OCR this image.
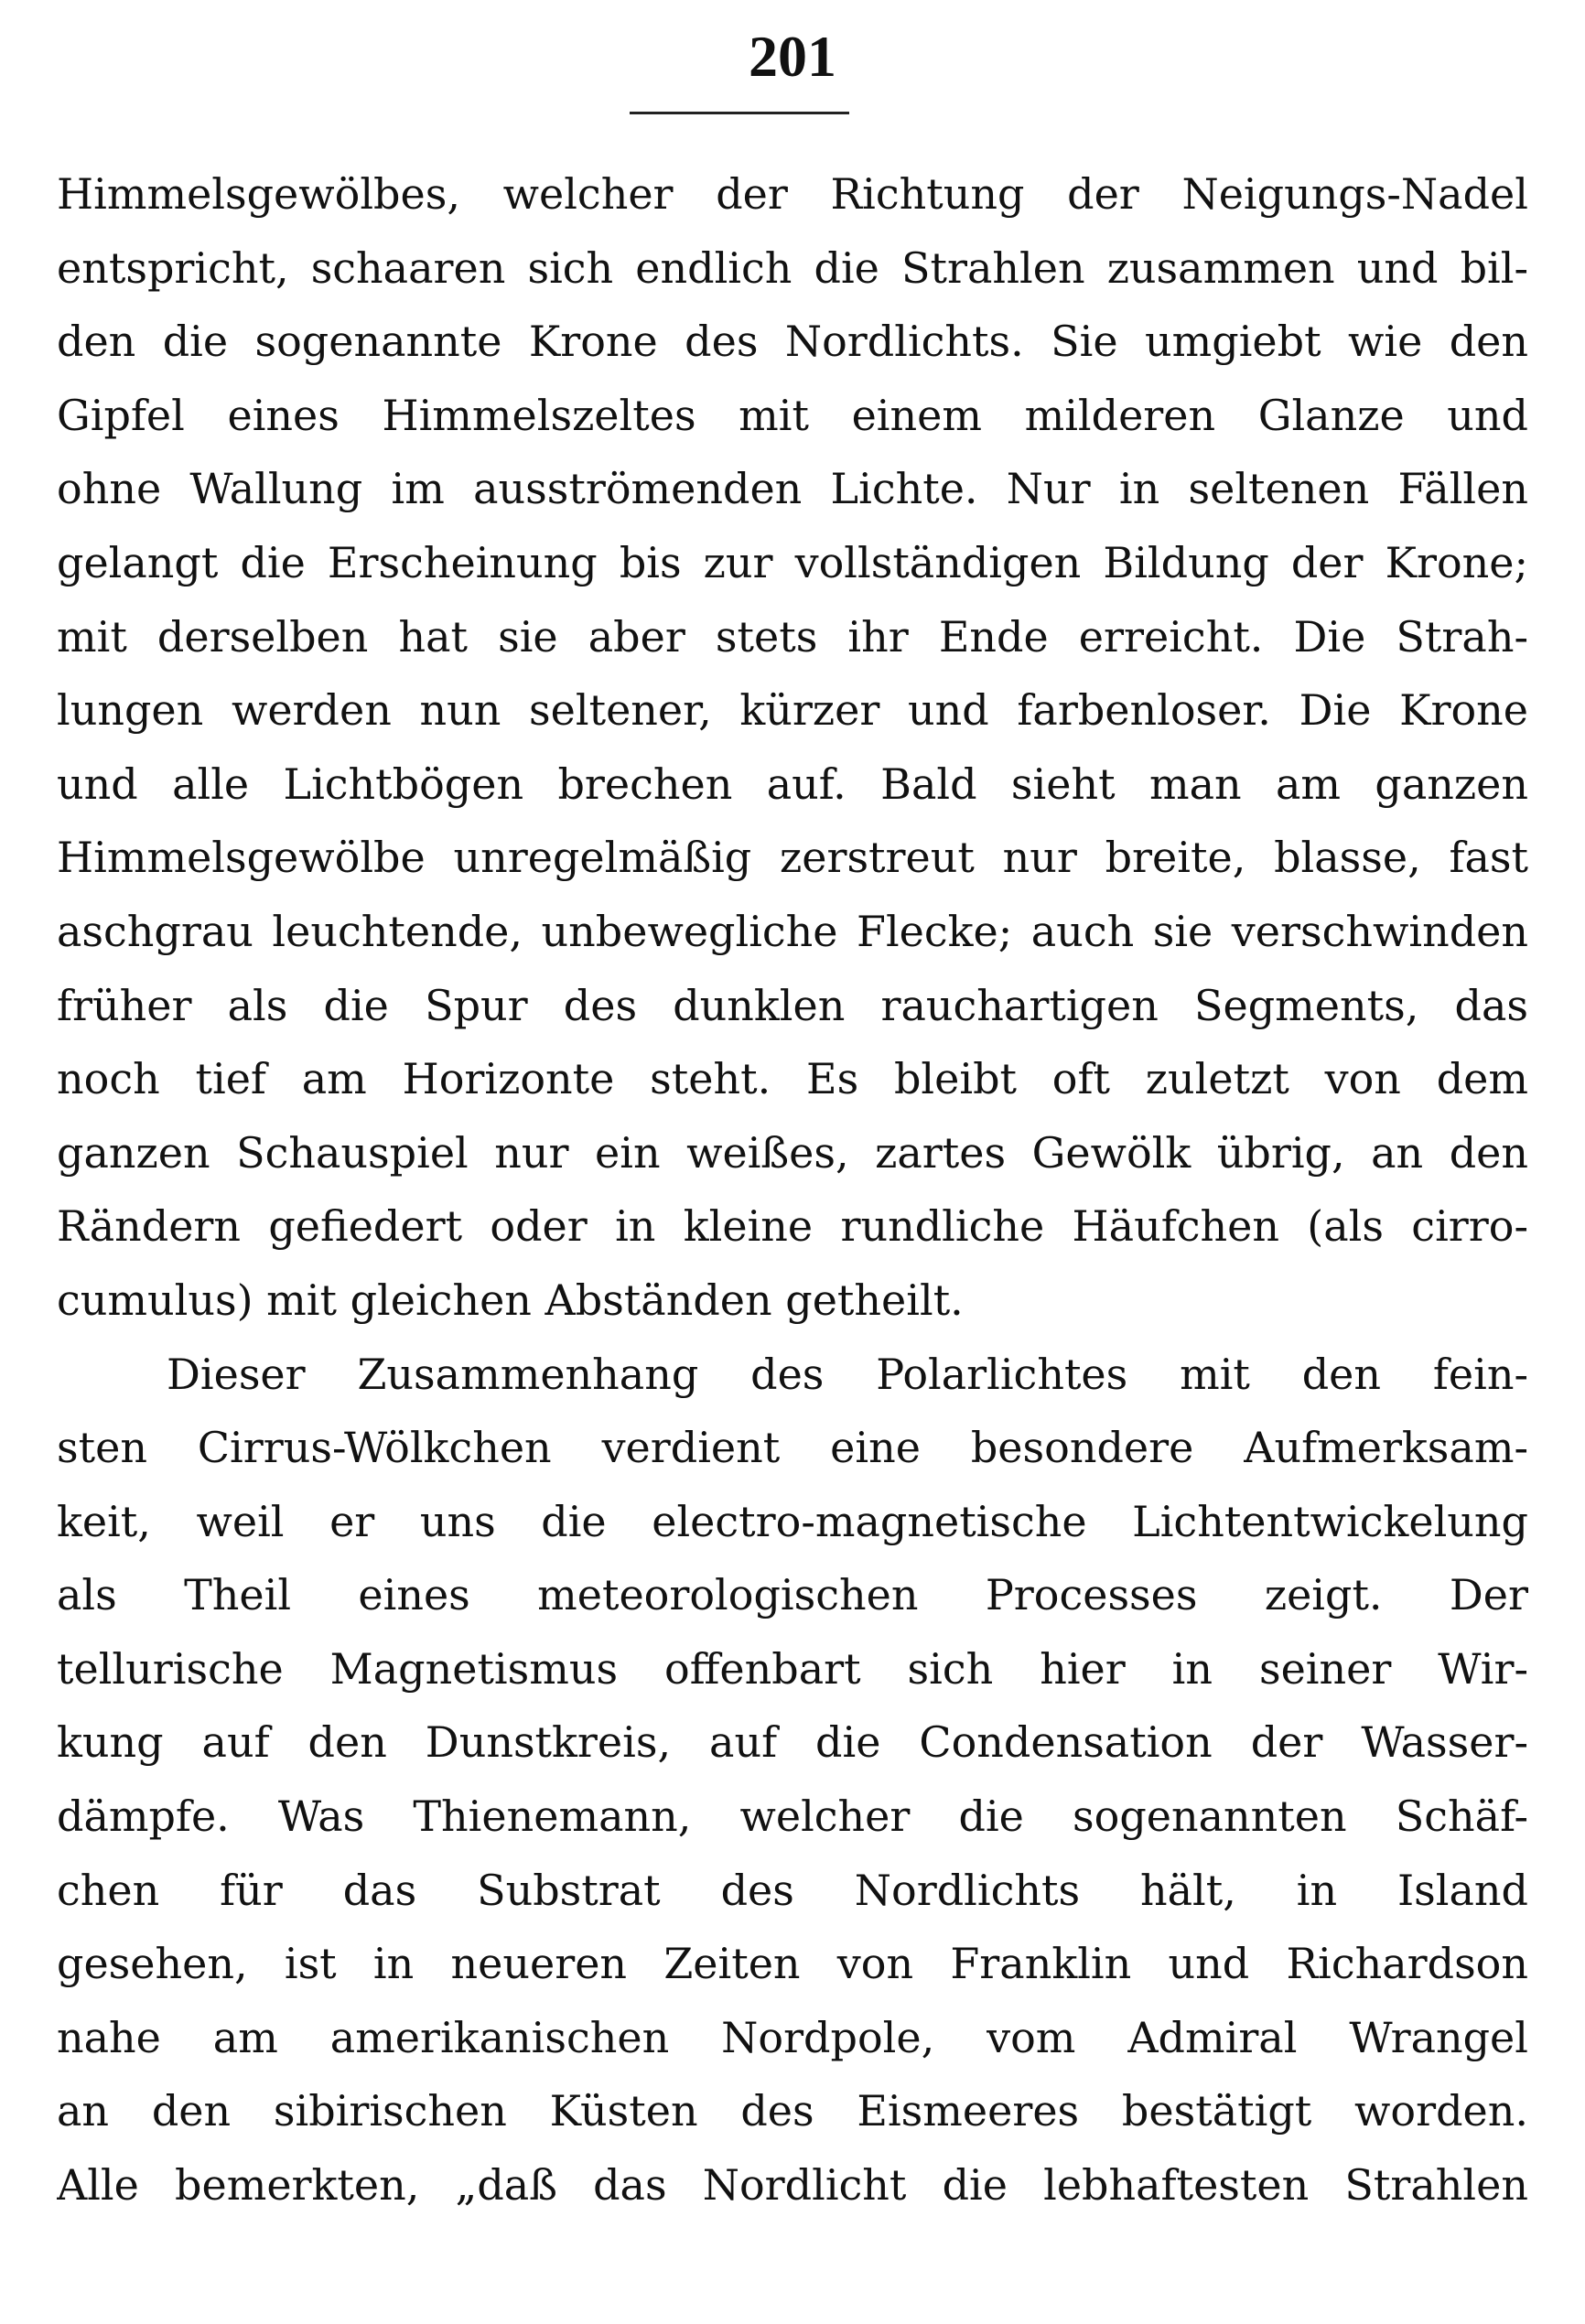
201
Himmelsgewölbes, welcher der Richtung der Neigungs-Nadel
entspricht, schaaren sich endlich die Strahlen zusammen und bil-
den die sogenannte Krone des Nordlichts. Sie umgiebt wie den
Gipfel eines Himmelszeltes mit einem milderen Glanze und
ohne Wallung im ausströmenden Lichte. Nur in seltenen Fällen
gelangt die Erscheinung bis zur vollständigen Bildung der Krone;
mit derselben hat sie aber stets ihr Ende erreicht. Die Strah-
lungen werden nun seltener, kürzer und farbenloser. Die Krone
und alle Lichtbögen brechen auf. Bald sieht man am ganzen
Himmelsgewölbe unregelmäßig zerstreut nur breite, blasse, fast
aschgrau leuchtende, unbewegliche Flecke; auch sie verschwinden
früher als die Spur des dunklen rauchartigen Segments, das
noch tief am Horizonte steht. Es bleibt oft zuletzt von dem
ganzen Schauspiel nur ein weißes, zartes Gewölk übrig, an den
Rändern gefiedert oder in kleine rundliche Häufchen (als cirro-
cumulus) mit gleichen Abständen getheilt.
Dieser Zusammenhang des Polarlichtes mit den fein-
sten Cirrus-Wölkchen verdient eine besondere Aufmerksam-
keit, weil er uns die electro-magnetische Lichtentwickelung
als Theil eines meteorologischen Processes zeigt. Der
tellurische Magnetismus offenbart sich hier in seiner Wir-
kung auf den Dunstkreis, auf die Condensation der Wasser-
dämpfe. Was Thienemann, welcher die sogenannten Schäf-
chen für das Substrat des Nordlichts hält, in Island
gesehen, ist in neueren Zeiten von Franklin und Richardson
nahe am amerikanischen Nordpole, vom Admiral Wrangel
an den sibirischen Küsten des Eismeeres bestätigt worden.
Alle bemerkten, „daß das Nordlicht die lebhaftesten Strahlen
